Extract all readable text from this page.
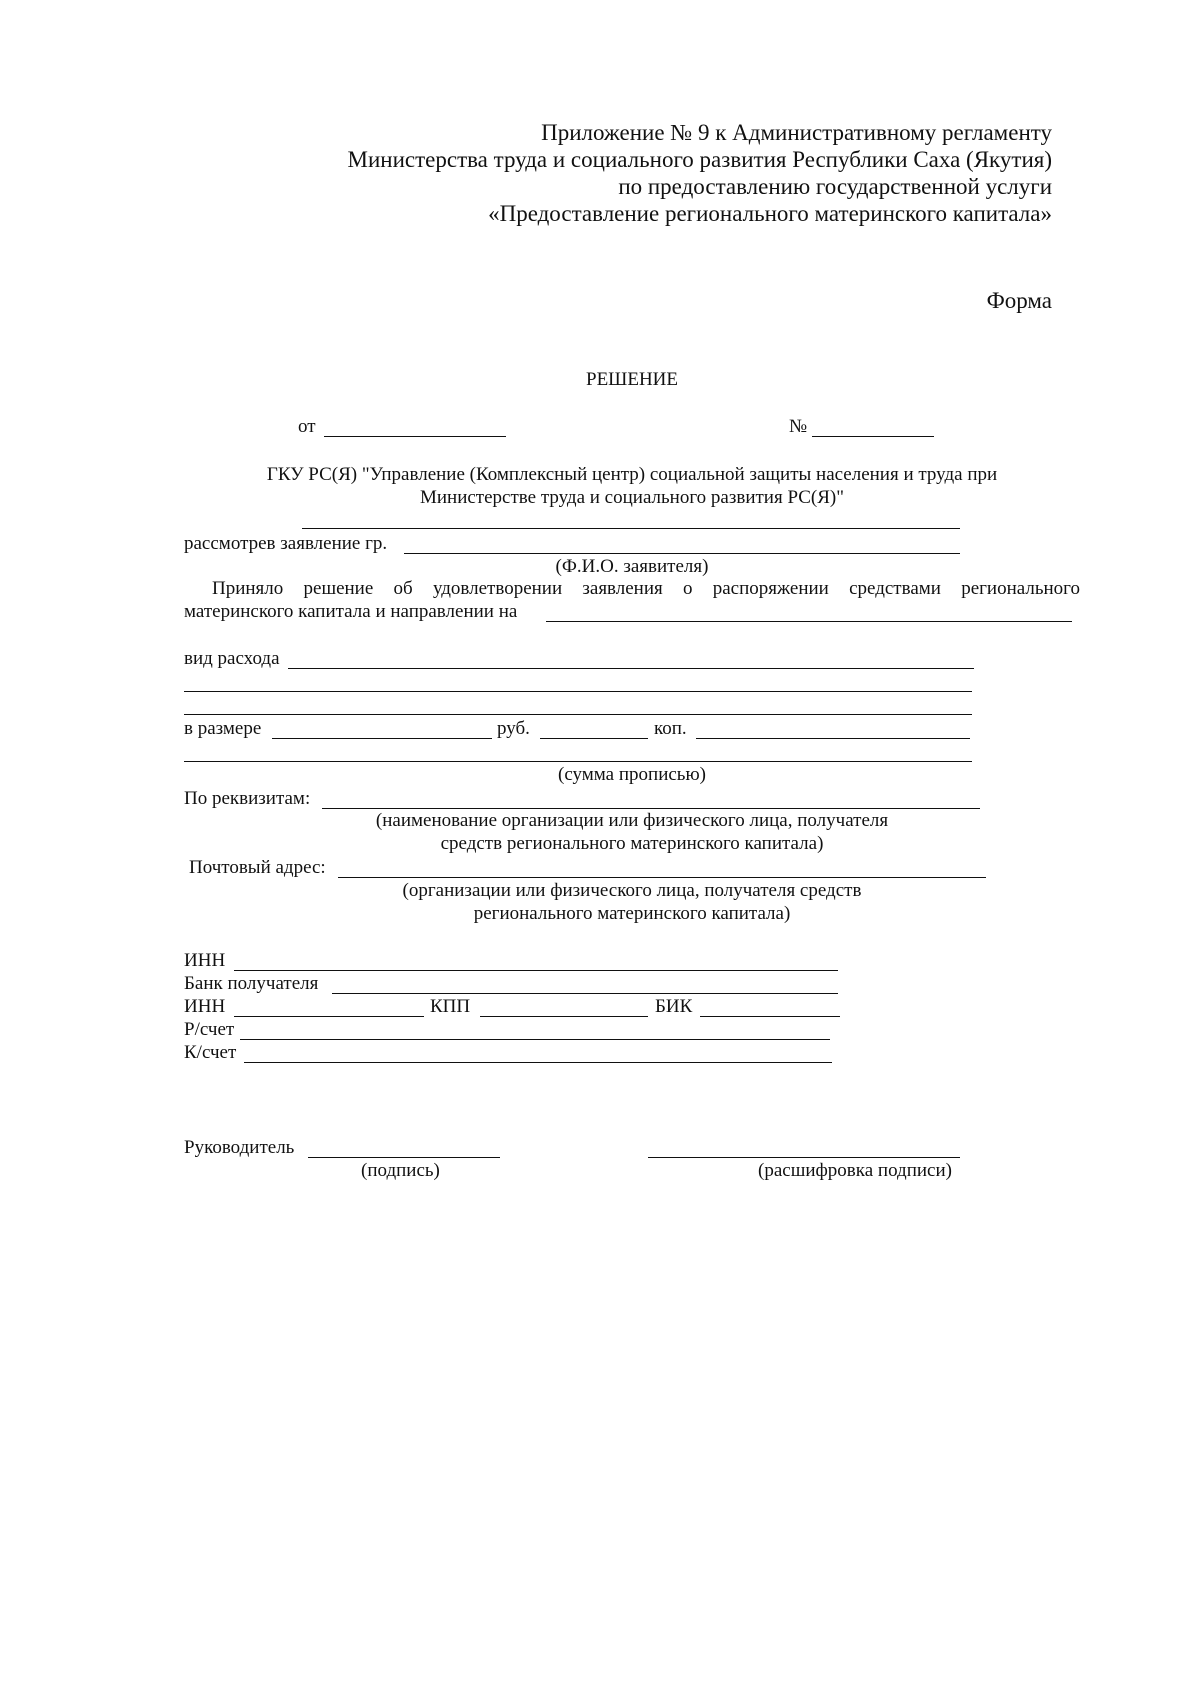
Приложение № 9 к Административному регламенту
Министерства труда и социального развития Республики Саха (Якутия)
по предоставлению государственной услуги
«Предоставление регионального материнского капитала»
Форма
РЕШЕНИЕ
от	№
ГКУ РС(Я) "Управление (Комплексный центр) социальной защиты населения и труда при
Министерстве труда и социального развития РС(Я)"
рассмотрев заявление гр.
(Ф.И.О. заявителя)
Приняло решение об удовлетворении заявления о распоряжении средствами регионального
материнского капитала и направлении на
вид расхода
в размере	руб.	коп.
(сумма прописью)
По реквизитам:
(наименование организации или физического лица, получателя
средств регионального материнского капитала)
Почтовый адрес:
(организации или физического лица, получателя средств
регионального материнского капитала)
ИНН
Банк получателя
ИНН	КПП	БИК
Р/счет
К/счет
Руководитель
(подпись)	(расшифровка подписи)
